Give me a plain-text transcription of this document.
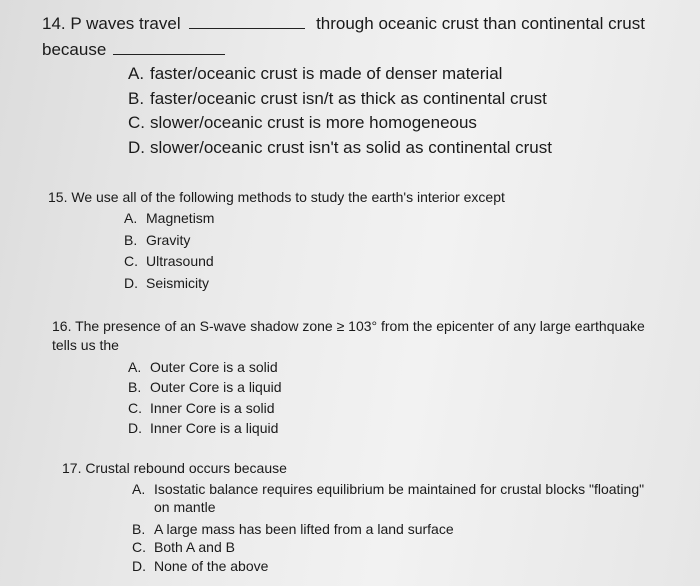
14. P waves travel	through oceanic crust than continental crust
because
A. faster/oceanic crust is made of denser material
B. faster/oceanic crust isn/t as thick as continental crust
C. slower/oceanic crust is more homogeneous
D. slower/oceanic crust isn't as solid as continental crust
15. We use all of the following methods to study the earth's interior except
A. Magnetism
B. Gravity
C. Ultrasound
D. Seismicity
16. The presence of an S-wave shadow zone ≥ 103° from the epicenter of any large earthquake
tells us the
A. Outer Core is a solid
B. Outer Core is a liquid
C. Inner Core is a solid
D. Inner Core is a liquid
17. Crustal rebound occurs because
A. Isostatic balance requires equilibrium be maintained for crustal blocks "floating"
on mantle
B. A large mass has been lifted from a land surface
C. Both A and B
D. None of the above
